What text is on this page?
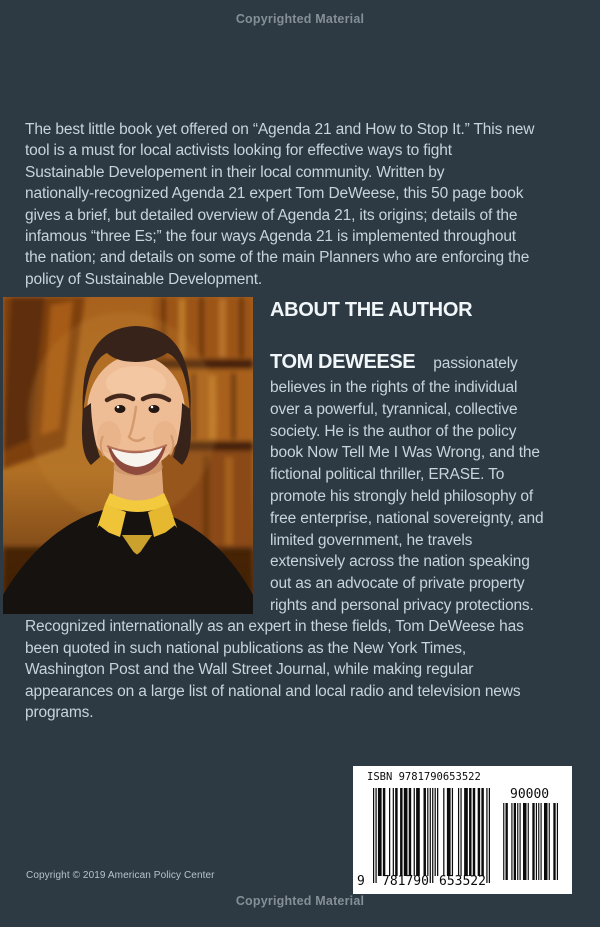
Copyrighted Material
The best little book yet offered on “Agenda 21 and How to Stop It.” This new
tool is a must for local activists looking for effective ways to fight
Sustainable Developement in their local community. Written by
nationally-recognized Agenda 21 expert Tom DeWeese, this 50 page book
gives a brief, but detailed overview of Agenda 21, its origins; details of the
infamous “three Es;” the four ways Agenda 21 is implemented throughout
the nation; and details on some of the main Planners who are enforcing the
policy of Sustainable Development.
ABOUT THE AUTHOR
TOM DEWEESE passionately
believes in the rights of the individual
over a powerful, tyrannical, collective
society. He is the author of the policy
book Now Tell Me I Was Wrong, and the
fictional political thriller, ERASE. To
promote his strongly held philosophy of
free enterprise, national sovereignty, and
limited government, he travels
extensively across the nation speaking
out as an advocate of private property
rights and personal privacy protections.
Recognized internationally as an expert in these fields, Tom DeWeese has
been quoted in such national publications as the New York Times,
Washington Post and the Wall Street Journal, while making regular
appearances on a large list of national and local radio and television news
programs.
ISBN 9781790653522
90000
9 781790 653522
Copyright © 2019 American Policy Center
Copyrighted Material
